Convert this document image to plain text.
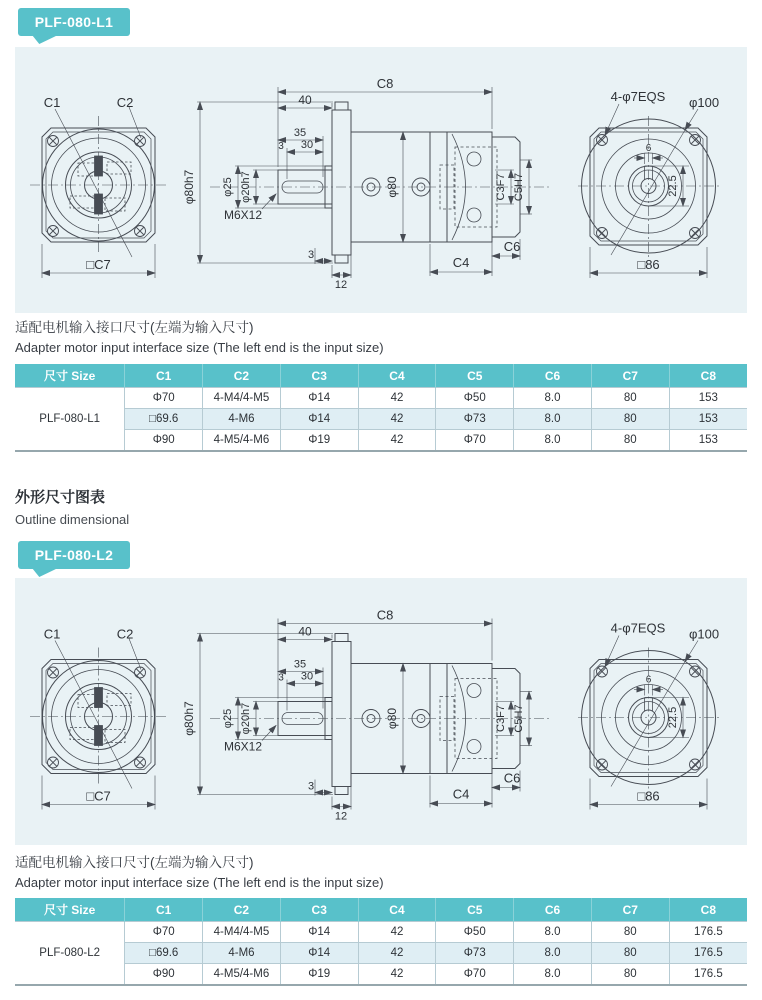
PLF-080-L1
C1	C2
□C7
C8
40
35
30
3
φ80h7 φ25 φ20h7
M6X12
φ80	C3F7 C5H7
3
12
C4
C6
4-φ7EQS φ100
6
22.5
□86
适配电机输入接口尺寸(左端为输入尺寸)
Adapter motor input interface size (The left end is the input size)
尺寸 Size	C1	C2	C3	C4	C5	C6	C7	C8
PLF-080-L1	Φ70	4-M4/4-M5	Φ14	42	Φ50	8.0	80	153
	□69.6	4-M6	Φ14	42	Φ73	8.0	80	153
	Φ90	4-M5/4-M6	Φ19	42	Φ70	8.0	80	153
外形尺寸图表
Outline dimensional
PLF-080-L2
C1	C2
□C7
C8
40
35
30
3
φ80h7 φ25 φ20h7
M6X12
φ80	C3F7 C5H7
3
12
C4
C6
4-φ7EQS φ100
6
22.5
□86
适配电机输入接口尺寸(左端为输入尺寸)
Adapter motor input interface size (The left end is the input size)
尺寸 Size	C1	C2	C3	C4	C5	C6	C7	C8
PLF-080-L2	Φ70	4-M4/4-M5	Φ14	42	Φ50	8.0	80	176.5
	□69.6	4-M6	Φ14	42	Φ73	8.0	80	176.5
	Φ90	4-M5/4-M6	Φ19	42	Φ70	8.0	80	176.5
